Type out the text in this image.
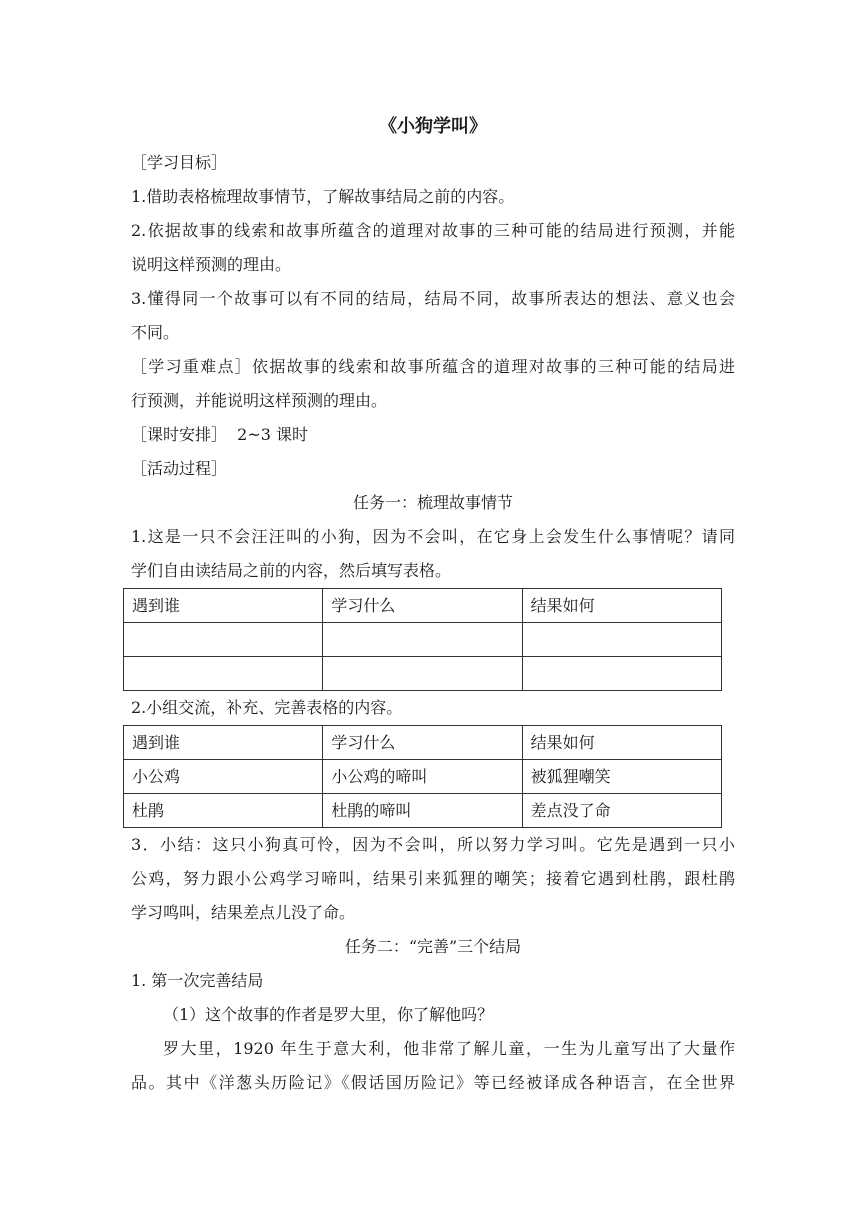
《小狗学叫》
［学习目标］
1.借助表格梳理故事情节，了解故事结局之前的内容。
2.依据故事的线索和故事所蕴含的道理对故事的三种可能的结局进行预测，并能
说明这样预测的理由。
3.懂得同一个故事可以有不同的结局，结局不同，故事所表达的想法、意义也会
不同。
［学习重难点］依据故事的线索和故事所蕴含的道理对故事的三种可能的结局进
行预测，并能说明这样预测的理由。
［课时安排］  2~3 课时
［活动过程］
任务一：梳理故事情节
1.这是一只不会汪汪叫的小狗，因为不会叫，在它身上会发生什么事情呢？请同
学们自由读结局之前的内容，然后填写表格。
遇到谁	学习什么	结果如何

2.小组交流，补充、完善表格的内容。
遇到谁	学习什么	结果如何
小公鸡	小公鸡的啼叫	被狐狸嘲笑
杜鹃	杜鹃的啼叫	差点没了命
3．小结：这只小狗真可怜，因为不会叫，所以努力学习叫。它先是遇到一只小
公鸡，努力跟小公鸡学习啼叫，结果引来狐狸的嘲笑；接着它遇到杜鹃，跟杜鹃
学习鸣叫，结果差点儿没了命。
任务二：“完善”三个结局
1. 第一次完善结局
（1）这个故事的作者是罗大里，你了解他吗？
罗大里，1920 年生于意大利，他非常了解儿童，一生为儿童写出了大量作
品。其中《洋葱头历险记》《假话国历险记》等已经被译成各种语言，在全世界
